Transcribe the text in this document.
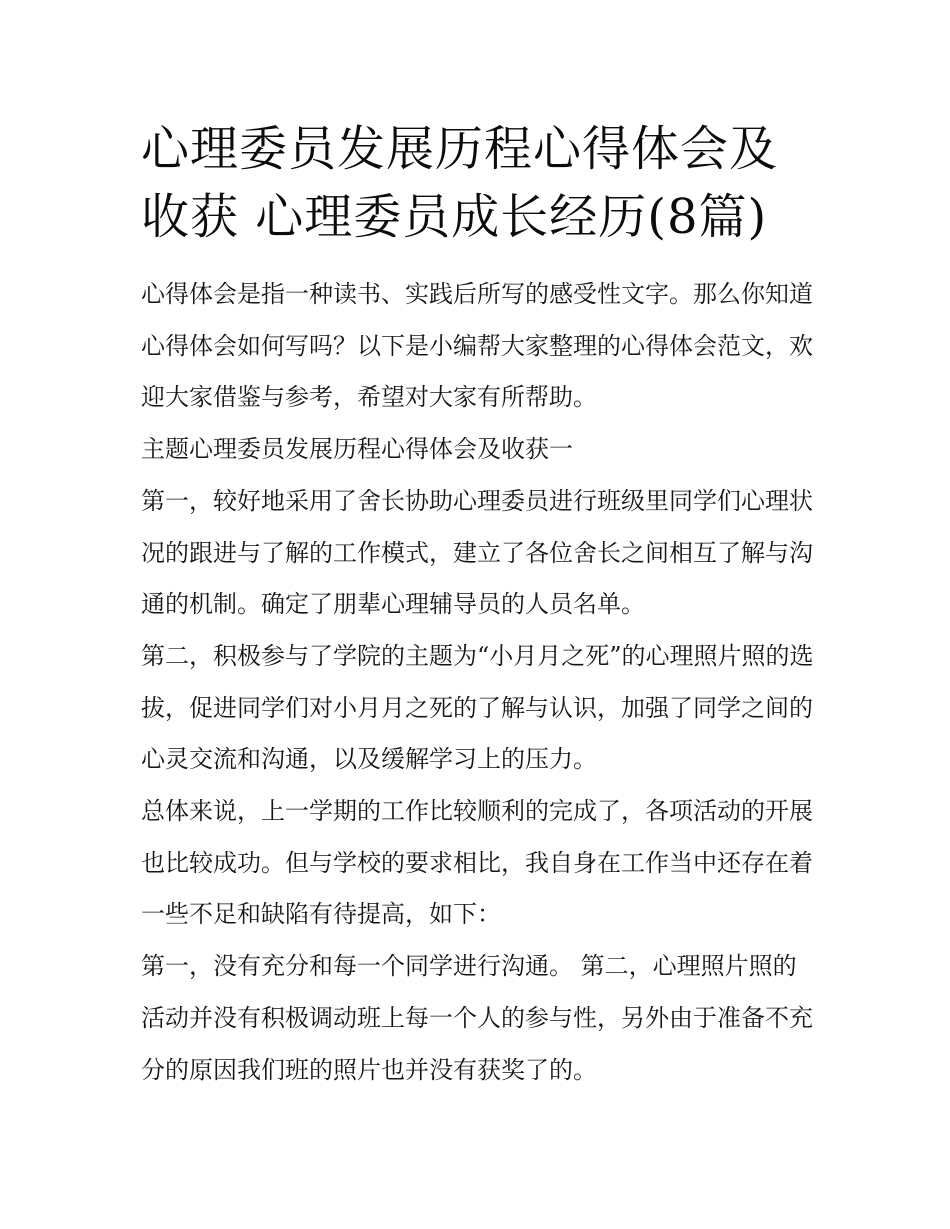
心理委员发展历程心得体会及收获 心理委员成长经历(8篇)

心得体会是指一种读书、实践后所写的感受性文字。那么你知道心得体会如何写吗？以下是小编帮大家整理的心得体会范文，欢迎大家借鉴与参考，希望对大家有所帮助。

主题心理委员发展历程心得体会及收获一

第一，较好地采用了舍长协助心理委员进行班级里同学们心理状况的跟进与了解的工作模式，建立了各位舍长之间相互了解与沟通的机制。确定了朋辈心理辅导员的人员名单。

第二，积极参与了学院的主题为“小月月之死”的心理照片照的选拔，促进同学们对小月月之死的了解与认识，加强了同学之间的心灵交流和沟通，以及缓解学习上的压力。

总体来说，上一学期的工作比较顺利的完成了，各项活动的开展也比较成功。但与学校的要求相比，我自身在工作当中还存在着一些不足和缺陷有待提高，如下：

第一，没有充分和每一个同学进行沟通。 第二，心理照片照的活动并没有积极调动班上每一个人的参与性，另外由于准备不充分的原因我们班的照片也并没有获奖了的。
